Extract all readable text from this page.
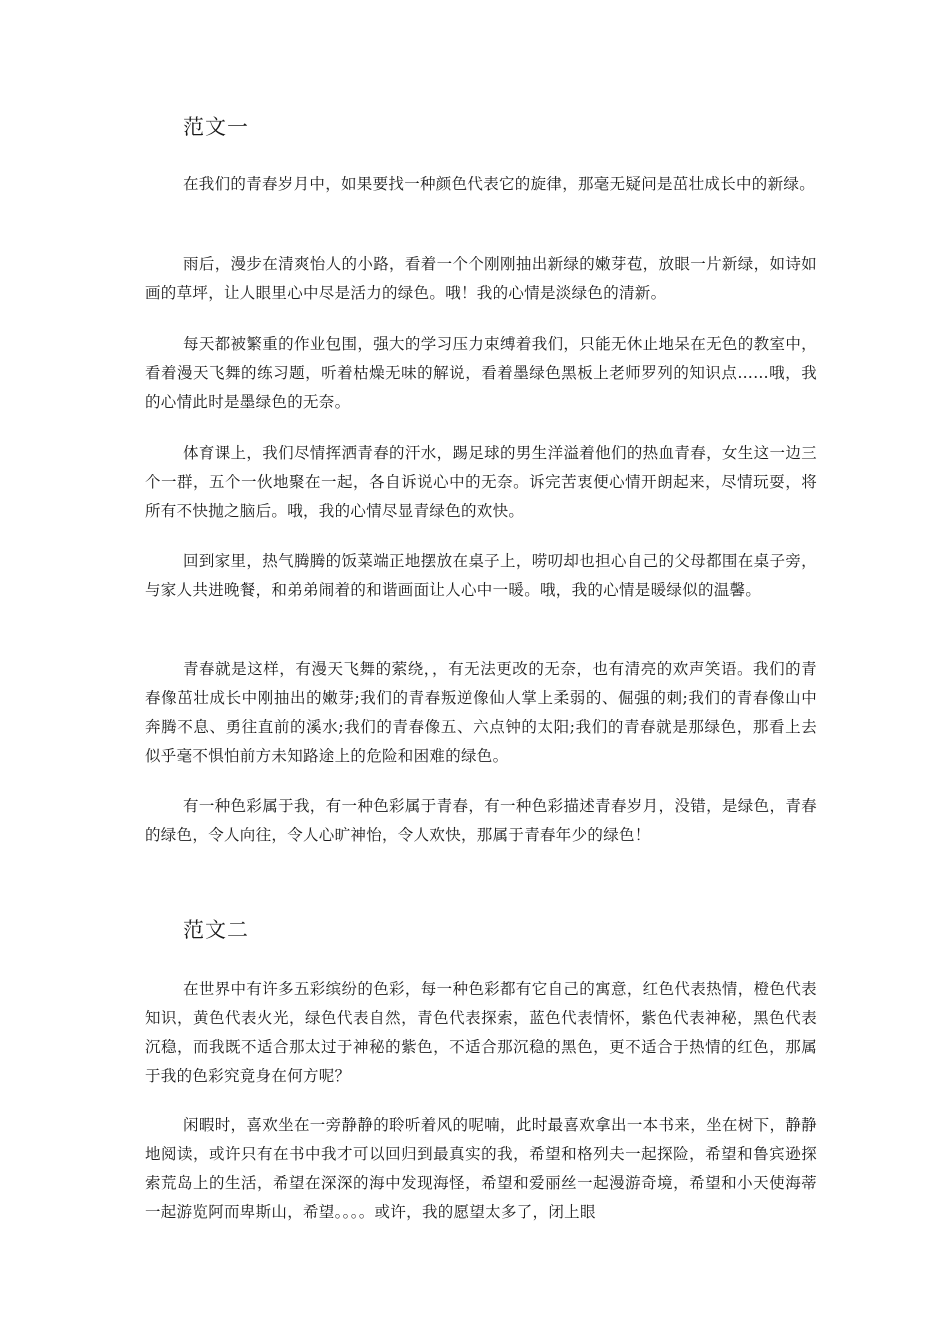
范文一

在我们的青春岁月中，如果要找一种颜色代表它的旋律，那毫无疑问是茁壮成长中的新绿。

雨后，漫步在清爽怡人的小路，看着一个个刚刚抽出新绿的嫩芽苞，放眼一片新绿，如诗如画的草坪，让人眼里心中尽是活力的绿色。哦！我的心情是淡绿色的清新。

每天都被繁重的作业包围，强大的学习压力束缚着我们，只能无休止地呆在无色的教室中，看着漫天飞舞的练习题，听着枯燥无味的解说，看着墨绿色黑板上老师罗列的知识点……哦，我的心情此时是墨绿色的无奈。

体育课上，我们尽情挥洒青春的汗水，踢足球的男生洋溢着他们的热血青春，女生这一边三个一群，五个一伙地聚在一起，各自诉说心中的无奈。诉完苦衷便心情开朗起来，尽情玩耍，将所有不快抛之脑后。哦，我的心情尽显青绿色的欢快。

回到家里，热气腾腾的饭菜端正地摆放在桌子上，唠叨却也担心自己的父母都围在桌子旁，与家人共进晚餐，和弟弟闹着的和谐画面让人心中一暖。哦，我的心情是暖绿似的温馨。

青春就是这样，有漫天飞舞的萦绕，，有无法更改的无奈，也有清亮的欢声笑语。我们的青春像茁壮成长中刚抽出的嫩芽;我们的青春叛逆像仙人掌上柔弱的、倔强的刺;我们的青春像山中奔腾不息、勇往直前的溪水;我们的青春像五、六点钟的太阳;我们的青春就是那绿色，那看上去似乎毫不惧怕前方未知路途上的危险和困难的绿色。

有一种色彩属于我，有一种色彩属于青春，有一种色彩描述青春岁月，没错，是绿色，青春的绿色，令人向往，令人心旷神怡，令人欢快，那属于青春年少的绿色！

范文二

在世界中有许多五彩缤纷的色彩，每一种色彩都有它自己的寓意，红色代表热情，橙色代表知识，黄色代表火光，绿色代表自然，青色代表探索，蓝色代表情怀，紫色代表神秘，黑色代表沉稳，而我既不适合那太过于神秘的紫色，不适合那沉稳的黑色，更不适合于热情的红色，那属于我的色彩究竟身在何方呢？

闲暇时，喜欢坐在一旁静静的聆听着风的呢喃，此时最喜欢拿出一本书来，坐在树下，静静地阅读，或许只有在书中我才可以回归到最真实的我，希望和格列夫一起探险，希望和鲁宾逊探索荒岛上的生活，希望在深深的海中发现海怪，希望和爱丽丝一起漫游奇境，希望和小天使海蒂一起游览阿而卑斯山，希望。。。。或许，我的愿望太多了，闭上眼
